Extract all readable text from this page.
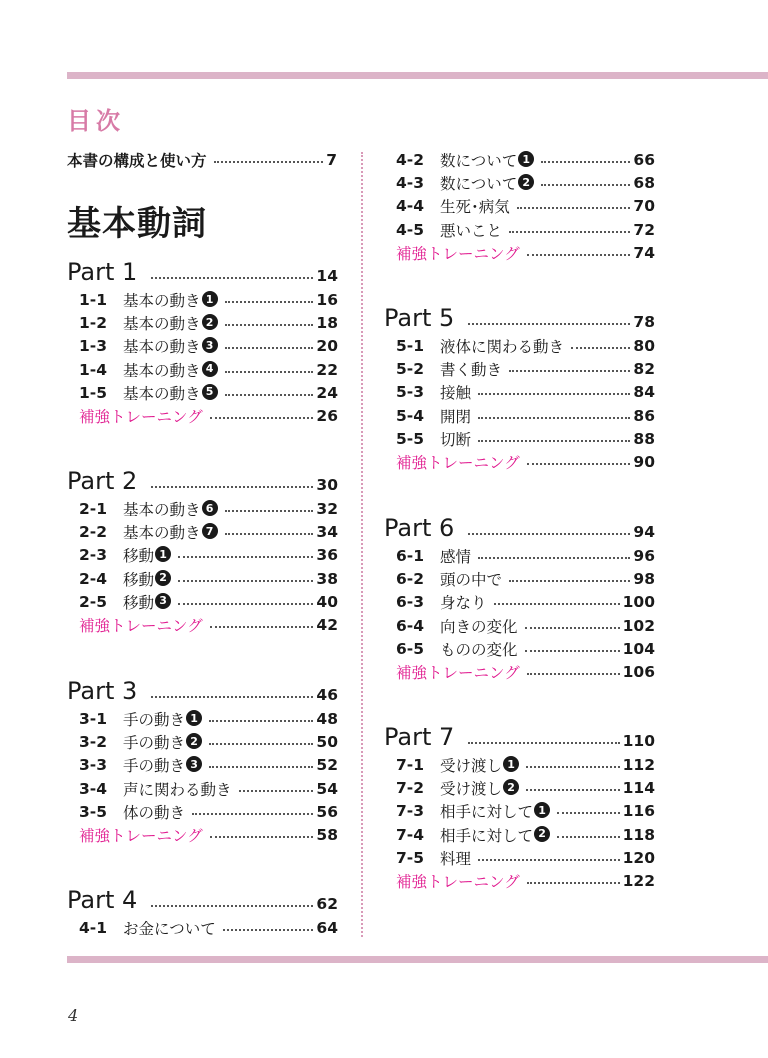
目次
本書の構成と使い方	7
基本動詞
Part 1	14
1-1	基本の動き 1	16
1-2	基本の動き 2	18
1-3	基本の動き 3	20
1-4	基本の動き 4	22
1-5	基本の動き 5	24
補強トレーニング	26
Part 2	30
2-1	基本の動き 6	32
2-2	基本の動き 7	34
2-3	移動 1	36
2-4	移動 2	38
2-5	移動 3	40
補強トレーニング	42
Part 3	46
3-1	手の動き 1	48
3-2	手の動き 2	50
3-3	手の動き 3	52
3-4	声に関わる動き	54
3-5	体の動き	56
補強トレーニング	58
Part 4	62
4-1	お金について	64
4-2	数について 1	66
4-3	数について 2	68
4-4	生死･病気	70
4-5	悪いこと	72
補強トレーニング	74
Part 5	78
5-1	液体に関わる動き	80
5-2	書く動き	82
5-3	接触	84
5-4	開閉	86
5-5	切断	88
補強トレーニング	90
Part 6	94
6-1	感情	96
6-2	頭の中で	98
6-3	身なり	100
6-4	向きの変化	102
6-5	ものの変化	104
補強トレーニング	106
Part 7	110
7-1	受け渡し 1	112
7-2	受け渡し 2	114
7-3	相手に対して 1	116
7-4	相手に対して 2	118
7-5	料理	120
補強トレーニング	122
4
